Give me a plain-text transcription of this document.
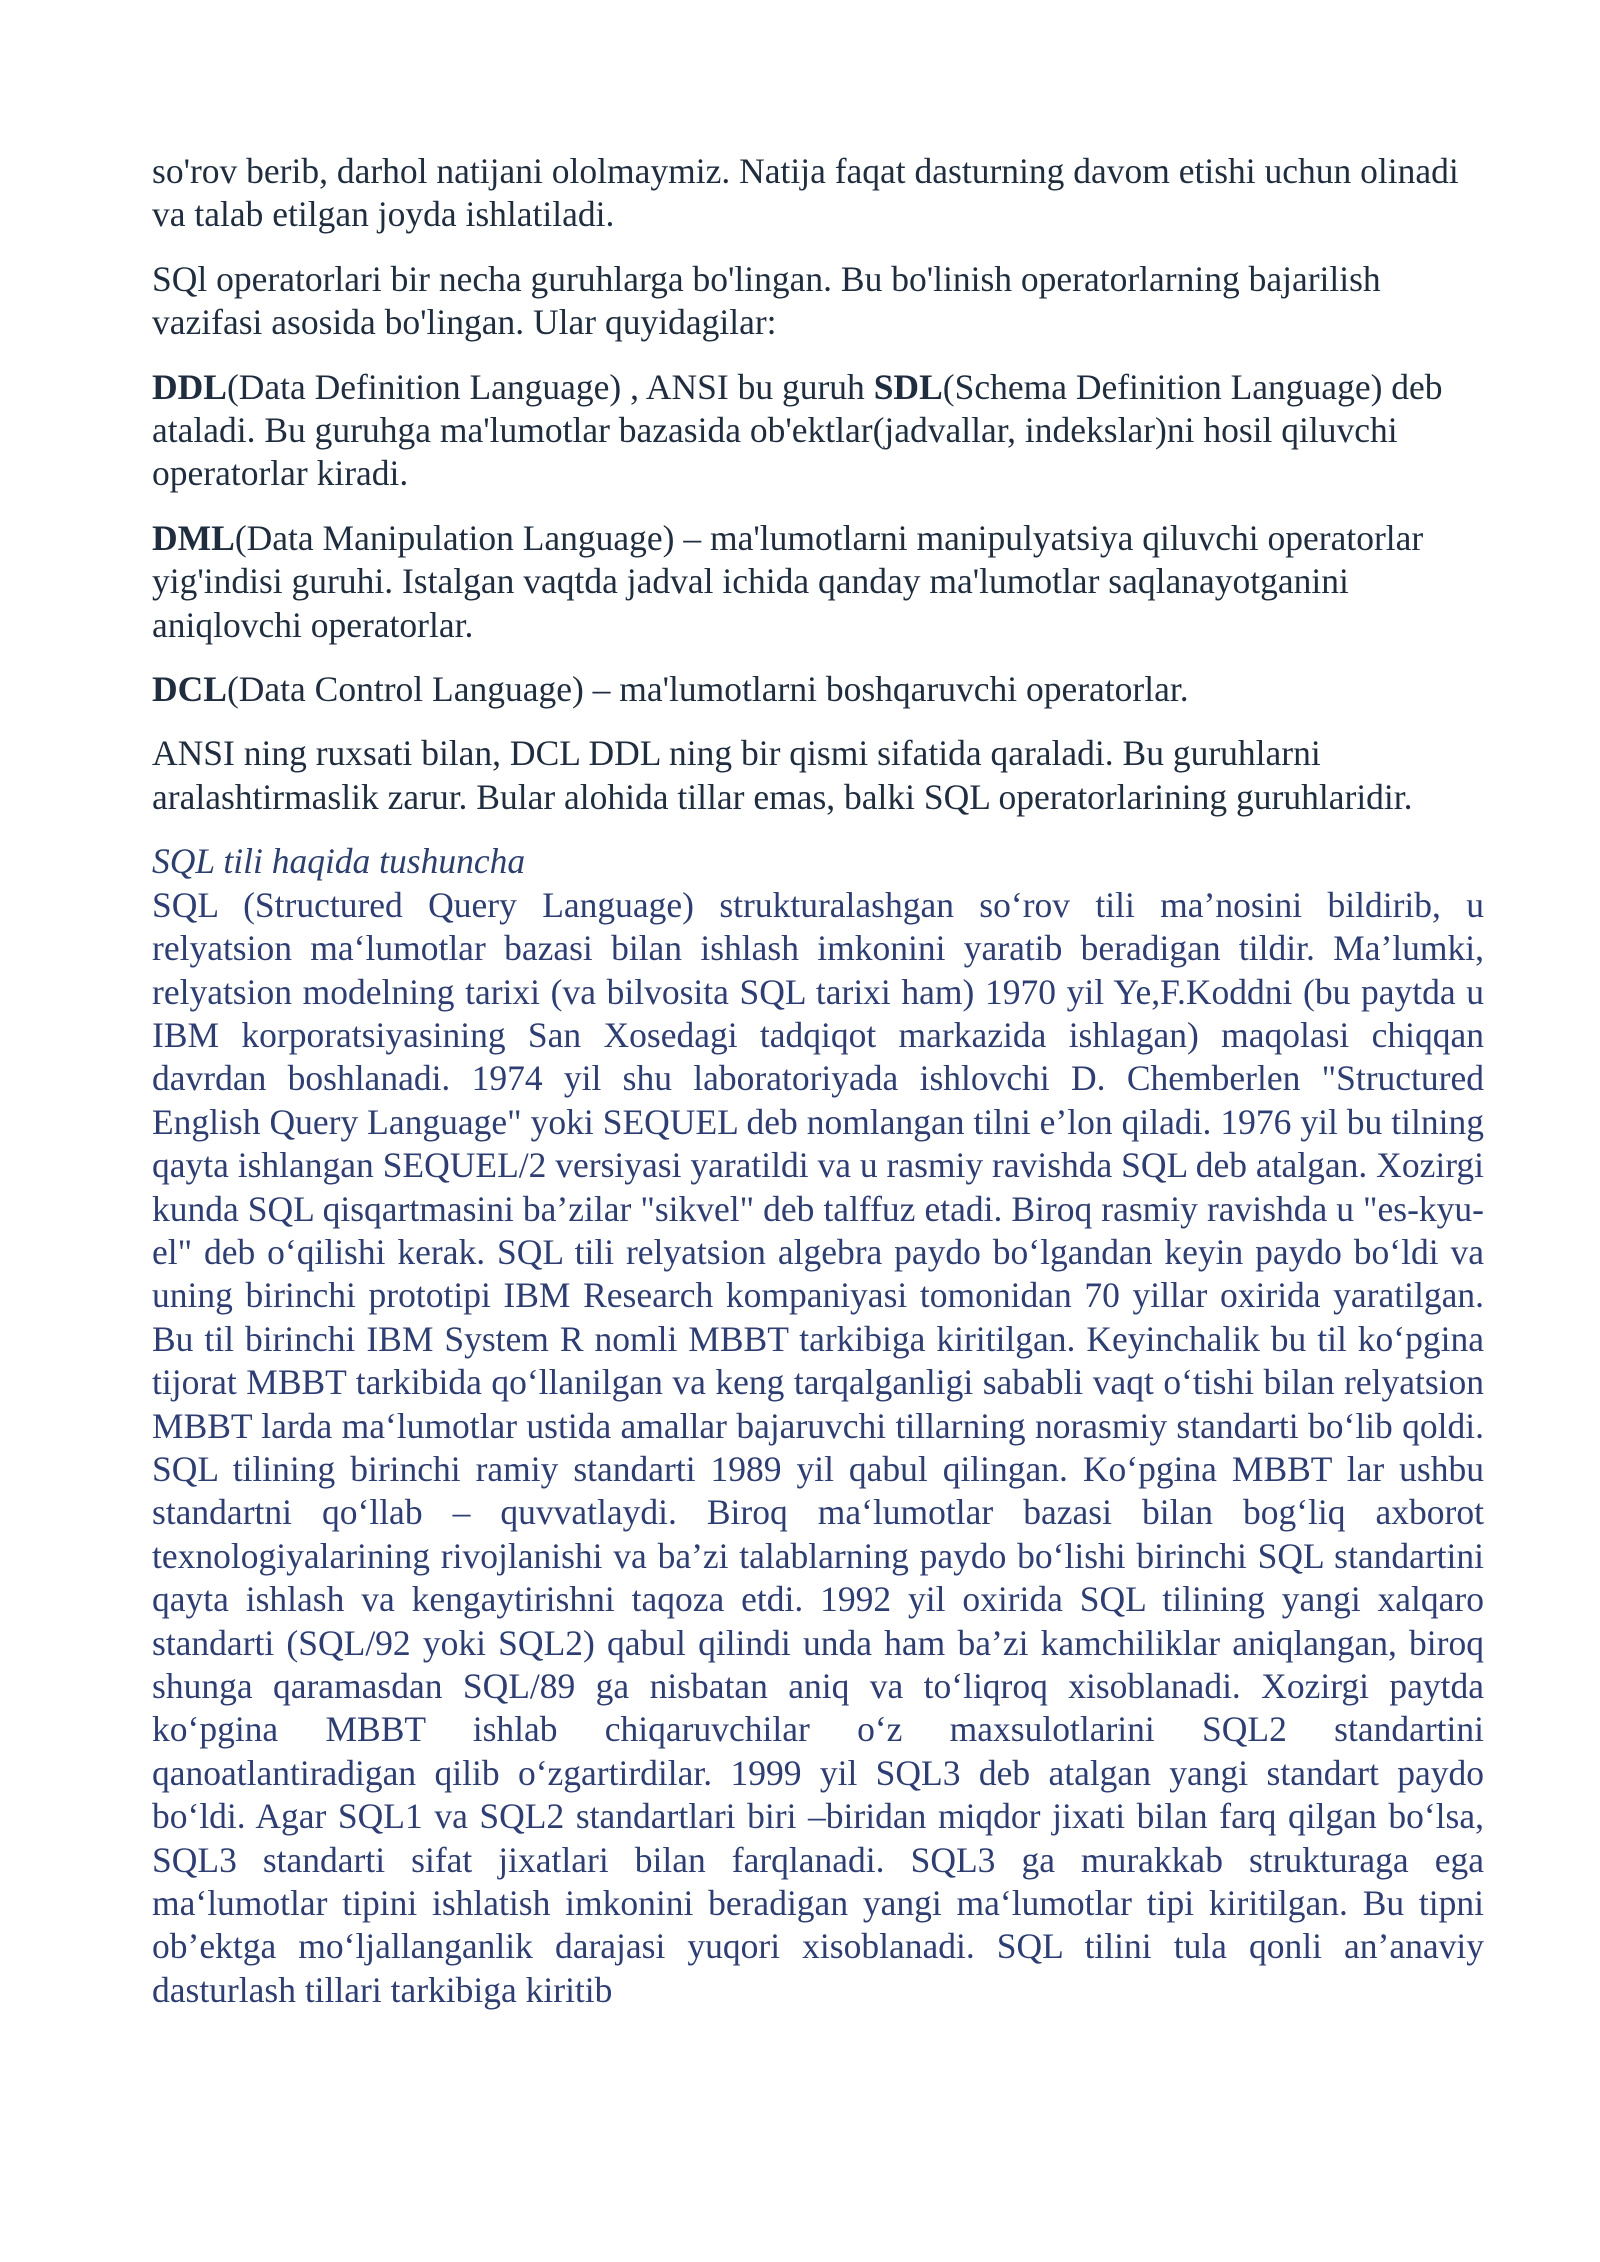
so'rov berib, darhol natijani ololmaymiz. Natija faqat dasturning davom etishi uchun olinadi va talab etilgan joyda ishlatiladi.

SQl operatorlari bir necha guruhlarga bo'lingan. Bu bo'linish operatorlarning bajarilish vazifasi asosida bo'lingan. Ular quyidagilar:

DDL(Data Definition Language) , ANSI bu guruh SDL(Schema Definition Language) deb ataladi. Bu guruhga ma'lumotlar bazasida ob'ektlar(jadvallar, indekslar)ni hosil qiluvchi operatorlar kiradi.

DML(Data Manipulation Language) – ma'lumotlarni manipulyatsiya qiluvchi operatorlar yig'indisi guruhi. Istalgan vaqtda jadval ichida qanday ma'lumotlar saqlanayotganini aniqlovchi operatorlar.

DCL(Data Control Language) – ma'lumotlarni boshqaruvchi operatorlar.

ANSI ning ruxsati bilan, DCL DDL ning bir qismi sifatida qaraladi. Bu guruhlarni aralashtirmaslik zarur. Bular alohida tillar emas, balki SQL operatorlarining guruhlaridir.

SQL tili haqida tushuncha

SQL (Structured Query Language) strukturalashgan so‘rov tili ma’nosini bildirib, u relyatsion ma‘lumotlar bazasi bilan ishlash imkonini yaratib beradigan tildir. Ma’lumki, relyatsion modelning tarixi (va bilvosita SQL tarixi ham) 1970 yil Ye,F.Koddni (bu paytda u IBM korporatsiyasining San Xosedagi tadqiqot markazida ishlagan) maqolasi chiqqan davrdan boshlanadi. 1974 yil shu laboratoriyada ishlovchi D. Chemberlen "Structured English Query Language" yoki SEQUEL deb nomlangan tilni e’lon qiladi. 1976 yil bu tilning qayta ishlangan SEQUEL/2 versiyasi yaratildi va u rasmiy ravishda SQL deb atalgan. Xozirgi kunda SQL qisqartmasini ba’zilar "sikvel" deb talffuz etadi. Biroq rasmiy ravishda u "es-kyu-el" deb o‘qilishi kerak. SQL tili relyatsion algebra paydo bo‘lgandan keyin paydo bo‘ldi va uning birinchi prototipi IBM Research kompaniyasi tomonidan 70 yillar oxirida yaratilgan. Bu til birinchi IBM System R nomli MBBT tarkibiga kiritilgan. Keyinchalik bu til ko‘pgina tijorat MBBT tarkibida qo‘llanilgan va keng tarqalganligi sababli vaqt o‘tishi bilan relyatsion MBBT larda ma‘lumotlar ustida amallar bajaruvchi tillarning norasmiy standarti bo‘lib qoldi. SQL tilining birinchi ramiy standarti 1989 yil qabul qilingan. Ko‘pgina MBBT lar ushbu standartni qo‘llab – quvvatlaydi. Biroq ma‘lumotlar bazasi bilan bog‘liq axborot texnologiyalarining rivojlanishi va ba’zi talablarning paydo bo‘lishi birinchi SQL standartini qayta ishlash va kengaytirishni taqoza etdi. 1992 yil oxirida SQL tilining yangi xalqaro standarti (SQL/92 yoki SQL2) qabul qilindi unda ham ba’zi kamchiliklar aniqlangan, biroq shunga qaramasdan SQL/89 ga nisbatan aniq va to‘liqroq xisoblanadi. Xozirgi paytda ko‘pgina MBBT ishlab chiqaruvchilar o‘z maxsulotlarini SQL2 standartini qanoatlantiradigan qilib o‘zgartirdilar. 1999 yil SQL3 deb atalgan yangi standart paydo bo‘ldi. Agar SQL1 va SQL2 standartlari biri –biridan miqdor jixati bilan farq qilgan bo‘lsa, SQL3 standarti sifat jixatlari bilan farqlanadi. SQL3 ga murakkab strukturaga ega ma‘lumotlar tipini ishlatish imkonini beradigan yangi ma‘lumotlar tipi kiritilgan. Bu tipni ob’ektga mo‘ljallanganlik darajasi yuqori xisoblanadi. SQL tilini tula qonli an’anaviy dasturlash tillari tarkibiga kiritib
